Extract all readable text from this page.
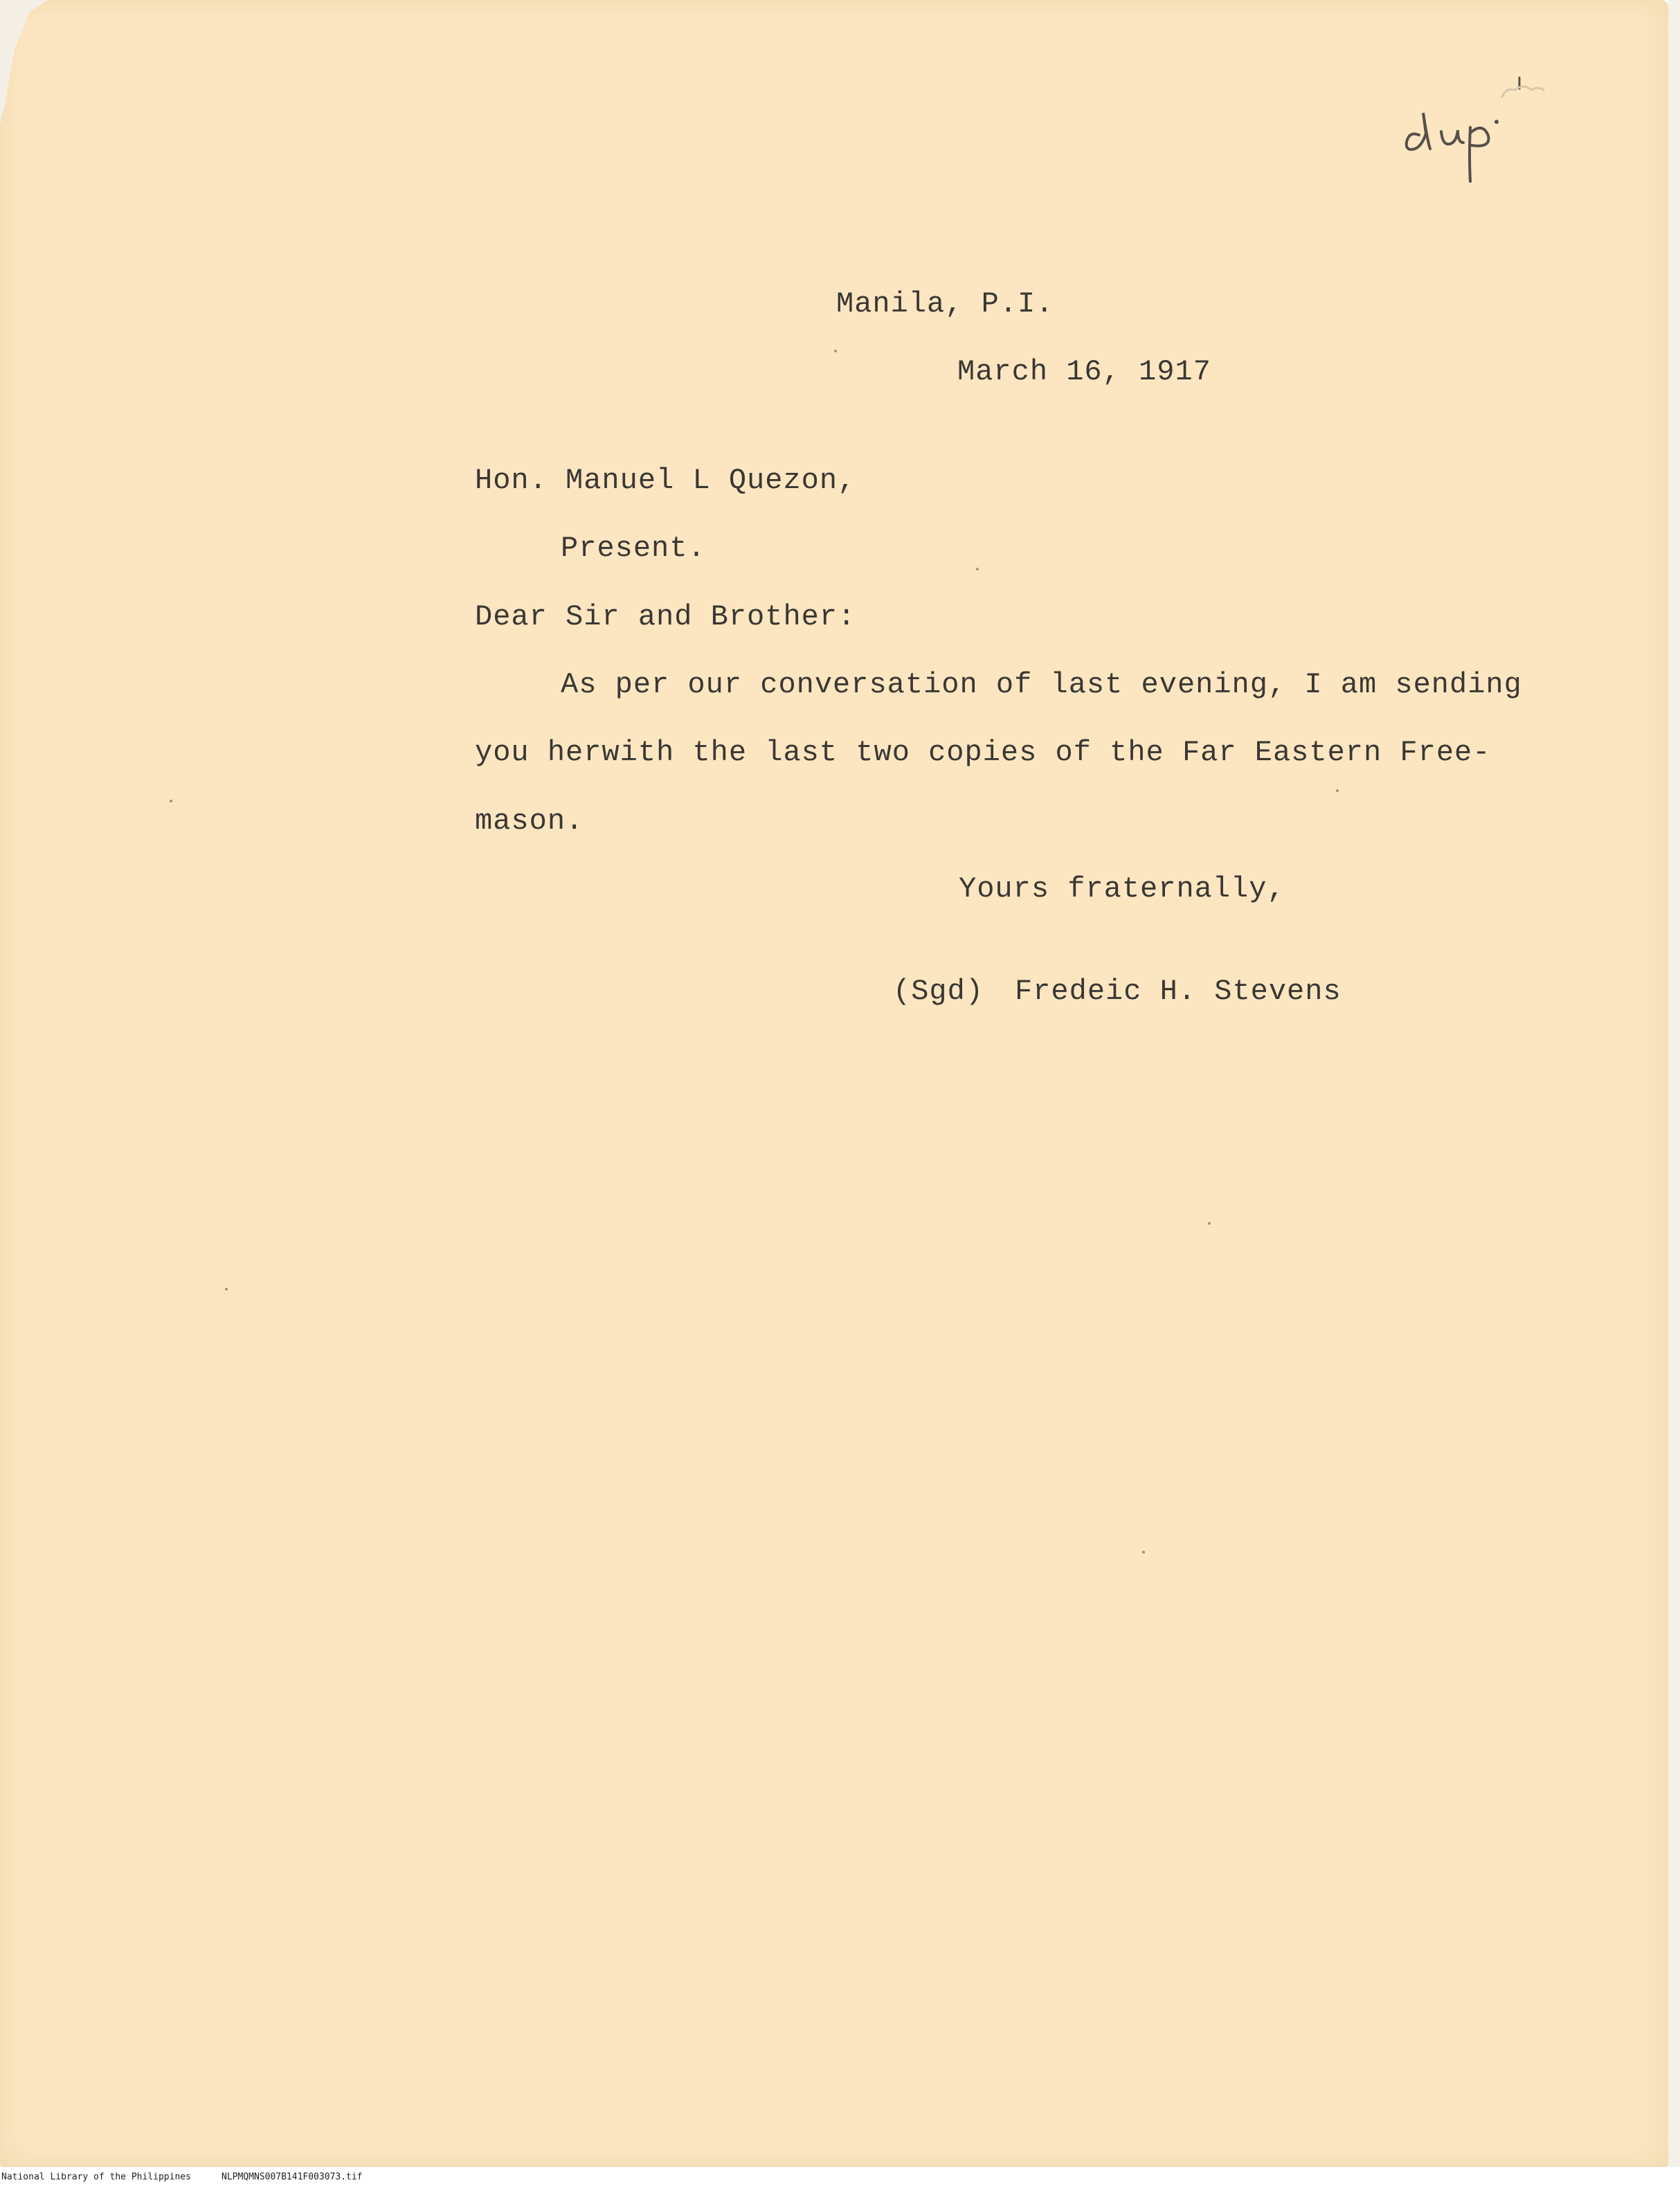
Manila, P.I.
March 16, 1917
Hon. Manuel L Quezon,
Present.
Dear Sir and Brother:
As per our conversation of last evening, I am sending
you herwith the last two copies of the Far Eastern Free-
mason.
Yours fraternally,
(Sgd) Fredeic H. Stevens
National Library of the Philippines	NLPMQMNS007B141F003073.tif
